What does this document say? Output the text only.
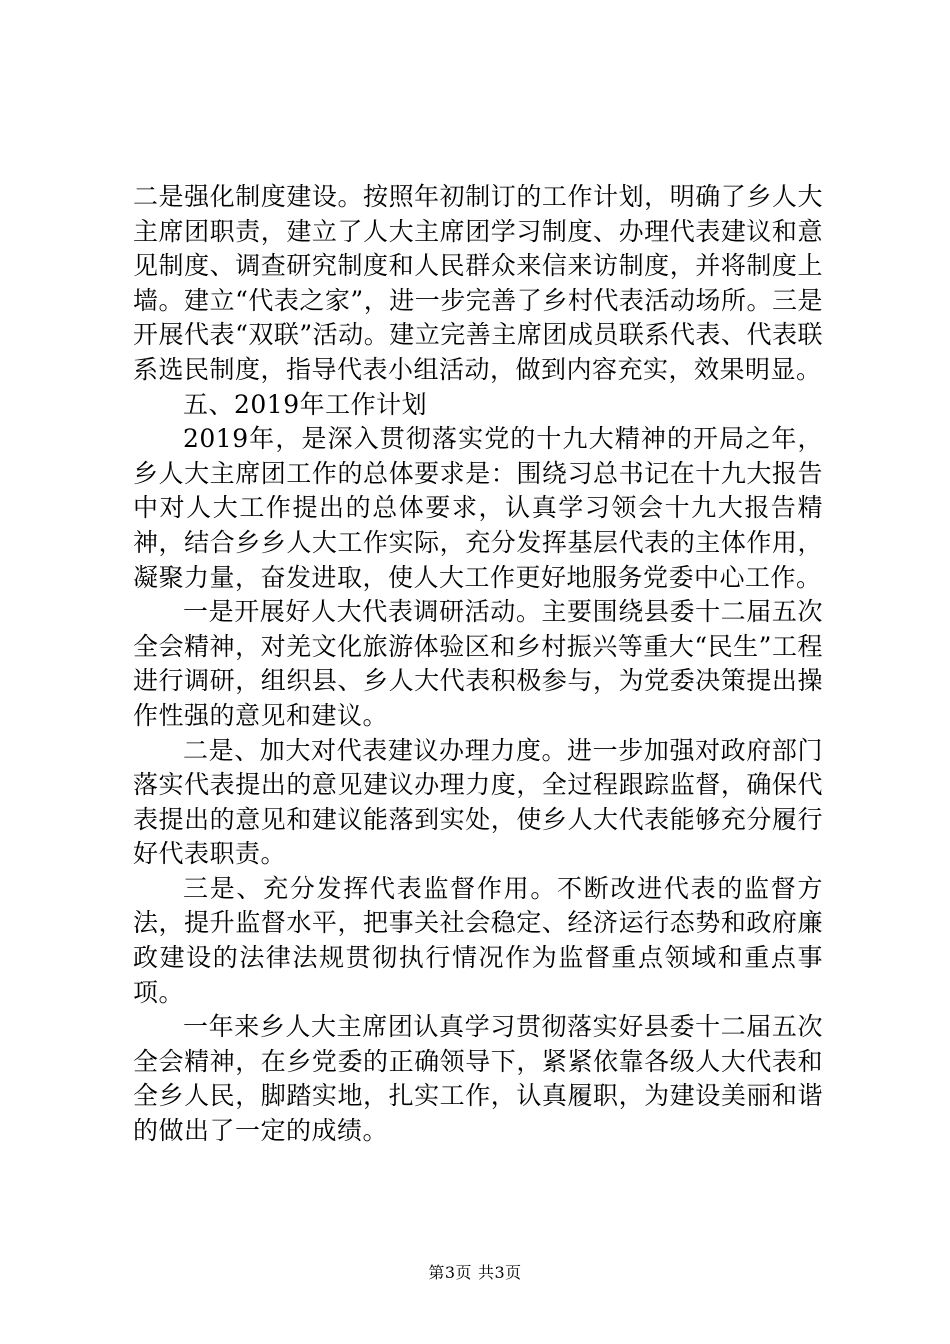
二是强化制度建设。按照年初制订的工作计划，明确了乡人大主席团职责，建立了人大主席团学习制度、办理代表建议和意见制度、调查研究制度和人民群众来信来访制度，并将制度上墙。建立“代表之家”，进一步完善了乡村代表活动场所。三是开展代表“双联”活动。建立完善主席团成员联系代表、代表联系选民制度，指导代表小组活动，做到内容充实，效果明显。

五、2019年工作计划

2019年，是深入贯彻落实党的十九大精神的开局之年，乡人大主席团工作的总体要求是：围绕习总书记在十九大报告中对人大工作提出的总体要求，认真学习领会十九大报告精神，结合乡乡人大工作实际，充分发挥基层代表的主体作用，凝聚力量，奋发进取，使人大工作更好地服务党委中心工作。

一是开展好人大代表调研活动。主要围绕县委十二届五次全会精神，对羌文化旅游体验区和乡村振兴等重大“民生”工程进行调研，组织县、乡人大代表积极参与，为党委决策提出操作性强的意见和建议。

二是、加大对代表建议办理力度。进一步加强对政府部门落实代表提出的意见建议办理力度，全过程跟踪监督，确保代表提出的意见和建议能落到实处，使乡人大代表能够充分履行好代表职责。

三是、充分发挥代表监督作用。不断改进代表的监督方法，提升监督水平，把事关社会稳定、经济运行态势和政府廉政建设的法律法规贯彻执行情况作为监督重点领域和重点事项。

一年来乡人大主席团认真学习贯彻落实好县委十二届五次全会精神，在乡党委的正确领导下，紧紧依靠各级人大代表和全乡人民，脚踏实地，扎实工作，认真履职，为建设美丽和谐的做出了一定的成绩。

第3页 共3页
